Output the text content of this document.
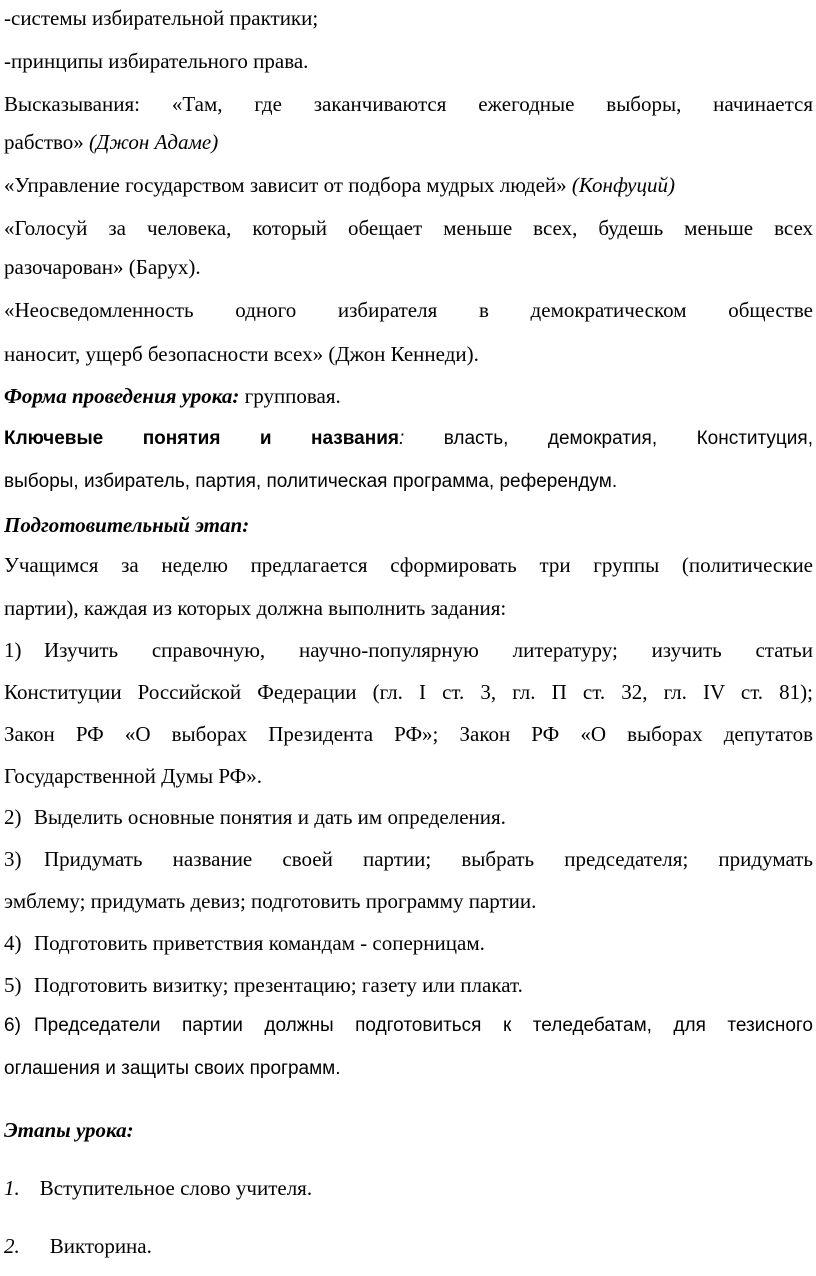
-системы избирательной практики;
-принципы избирательного права.
Высказывания: «Там, где заканчиваются ежегодные выборы, начинается
рабство» (Джон Адаме)
«Управление государством зависит от подбора мудрых людей» (Конфуций)
«Голосуй за человека, который обещает меньше всех, будешь меньше всех
разочарован» (Барух).
«Неосведомленность одного избирателя в демократическом обществе
наносит, ущерб безопасности всех» (Джон Кеннеди).
Форма проведения урока: групповая.
Ключевые понятия и названия: власть, демократия, Конституция,
выборы, избиратель, партия, политическая программа, референдум.
Подготовительный этап:
Учащимся за неделю предлагается сформировать три группы (политические
партии), каждая из которых должна выполнить задания:
1) Изучить справочную, научно-популярную литературу; изучить статьи
Конституции Российской Федерации (гл. I ст. 3, гл. П ст. 32, гл. IV ст. 81);
Закон РФ «О выборах Президента РФ»; Закон РФ «О выборах депутатов
Государственной Думы РФ».
2) Выделить основные понятия и дать им определения.
3) Придумать название своей партии; выбрать председателя; придумать
эмблему; придумать девиз; подготовить программу партии.
4) Подготовить приветствия командам - соперницам.
5) Подготовить визитку; презентацию; газету или плакат.
6) Председатели партии должны подготовиться к теледебатам, для тезисного
оглашения и защиты своих программ.
Этапы урока:
1. Вступительное слово учителя.
2. Викторина.
